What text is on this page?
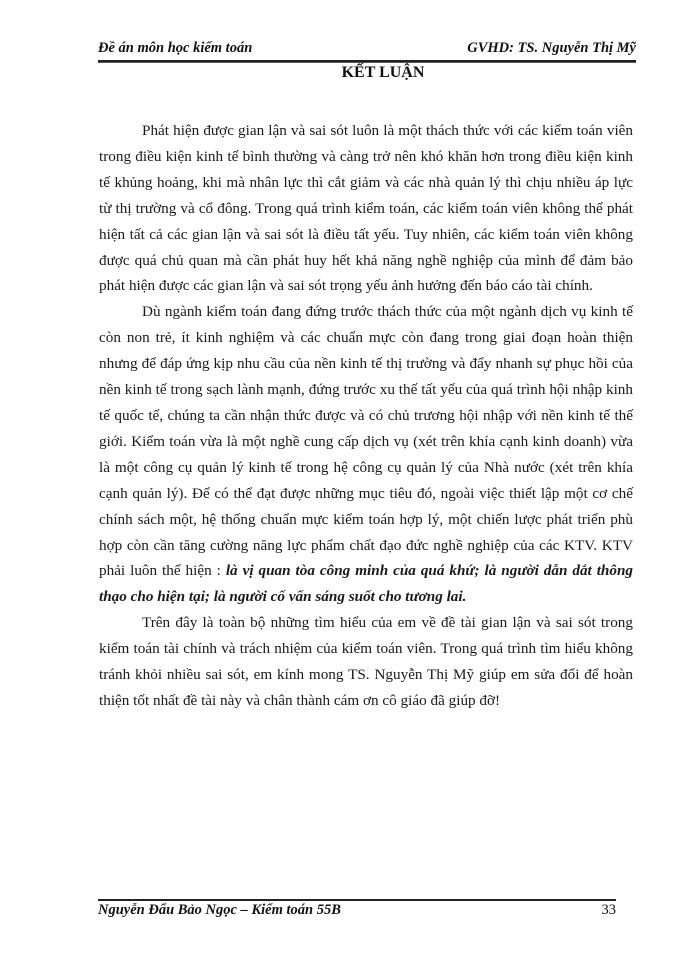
Đề án môn học kiểm toán	GVHD: TS. Nguyễn Thị Mỹ
KẾT LUẬN

Phát hiện được gian lận và sai sót luôn là một thách thức với các kiểm toán viên trong điều kiện kinh tế bình thường và càng trở nên khó khăn hơn trong điều kiện kinh tế khủng hoảng, khi mà nhân lực thì cắt giảm và các nhà quản lý thì chịu nhiều áp lực từ thị trường và cổ đông. Trong quá trình kiểm toán, các kiểm toán viên không thể phát hiện tất cả các gian lận và sai sót là điều tất yếu. Tuy nhiên, các kiểm toán viên không được quá chủ quan mà cần phát huy hết khả năng nghề nghiệp của mình để đảm bảo phát hiện được các gian lận và sai sót trọng yếu ảnh hưởng đến báo cáo tài chính.

Dù ngành kiểm toán đang đứng trước thách thức của một ngành dịch vụ kinh tế còn non trẻ, ít kinh nghiệm và các chuẩn mực còn đang trong giai đoạn hoàn thiện nhưng để đáp ứng kịp nhu cầu của nền kinh tế thị trường và đẩy nhanh sự phục hồi của nền kinh tế trong sạch lành mạnh, đứng trước xu thế tất yếu của quá trình hội nhập kinh tế quốc tế, chúng ta cần nhận thức được và có chủ trương hội nhập với nền kinh tế thế giới. Kiểm toán vừa là một nghề cung cấp dịch vụ (xét trên khía cạnh kinh doanh) vừa là một công cụ quản lý kinh tế trong hệ công cụ quản lý của Nhà nước (xét trên khía cạnh quản lý). Để có thể đạt được những mục tiêu đó, ngoài việc thiết lập một cơ chế chính sách một, hệ thống chuẩn mực kiểm toán hợp lý, một chiến lược phát triển phù hợp còn cần tăng cường năng lực phẩm chất đạo đức nghề nghiệp của các KTV. KTV phải luôn thể hiện : là vị quan tòa công minh của quá khứ; là người dẫn dắt thông thạo cho hiện tại; là người cố vấn sáng suốt cho tương lai.

Trên đây là toàn bộ những tìm hiểu của em về đề tài gian lận và sai sót trong kiểm toán tài chính và trách nhiệm của kiểm toán viên. Trong quá trình tìm hiểu không tránh khỏi nhiều sai sót, em kính mong TS. Nguyễn Thị Mỹ giúp em sửa đổi để hoàn thiện tốt nhất đề tài này và chân thành cám ơn cô giáo đã giúp đỡ!

Nguyễn Đẩu Bảo Ngọc – Kiểm toán 55B	33
